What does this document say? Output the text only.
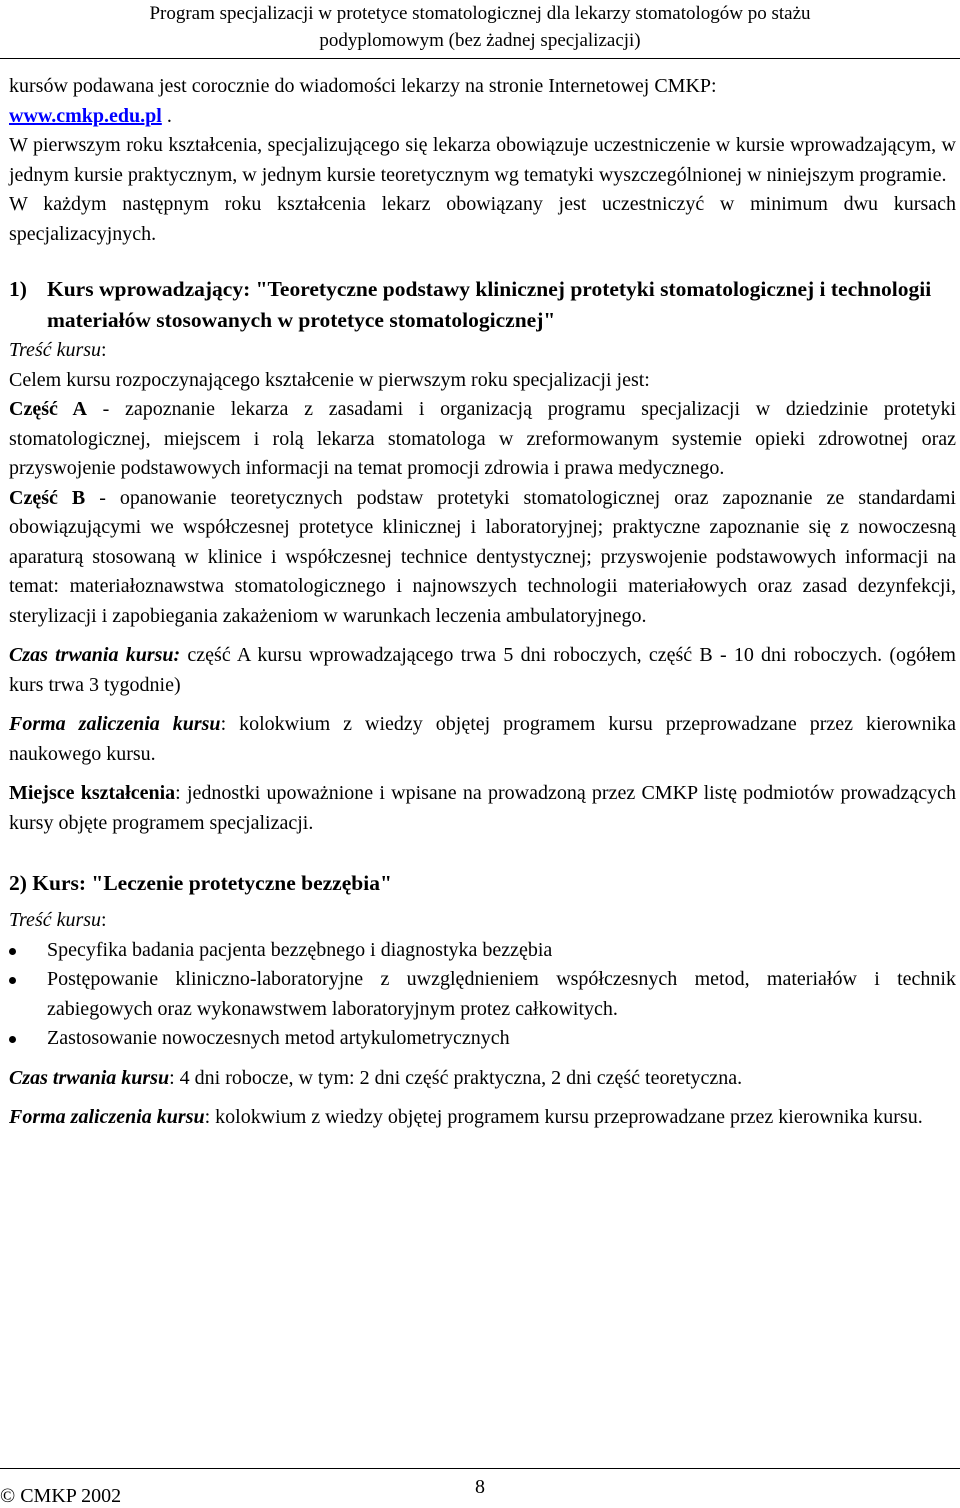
Program specjalizacji w protetyce stomatologicznej dla lekarzy stomatologów po stażu
podyplomowym (bez żadnej specjalizacji)

kursów podawana jest corocznie do wiadomości lekarzy na stronie Internetowej CMKP:
www.cmkp.edu.pl .

W pierwszym roku kształcenia, specjalizującego się lekarza obowiązuje uczestniczenie w kursie wprowadzającym, w jednym kursie praktycznym, w jednym kursie teoretycznym wg tematyki wyszczególnionej w niniejszym programie.

W każdym następnym roku kształcenia lekarz obowiązany jest uczestniczyć w minimum dwu kursach specjalizacyjnych.

1) Kurs wprowadzający: "Teoretyczne podstawy klinicznej protetyki stomatologicznej i technologii materiałów stosowanych w protetyce stomatologicznej"

Treść kursu:

Celem kursu rozpoczynającego kształcenie w pierwszym roku specjalizacji jest:

Część A - zapoznanie lekarza z zasadami i organizacją programu specjalizacji w dziedzinie protetyki stomatologicznej, miejscem i rolą lekarza stomatologa w zreformowanym systemie opieki zdrowotnej oraz przyswojenie podstawowych informacji na temat promocji zdrowia i prawa medycznego.

Część B - opanowanie teoretycznych podstaw protetyki stomatologicznej oraz zapoznanie ze standardami obowiązującymi we współczesnej protetyce klinicznej i laboratoryjnej; praktyczne zapoznanie się z nowoczesną aparaturą stosowaną w klinice i współczesnej technice dentystycznej; przyswojenie podstawowych informacji na temat: materiałoznawstwa stomatologicznego i najnowszych technologii materiałowych oraz zasad dezynfekcji, sterylizacji i zapobiegania zakażeniom w warunkach leczenia ambulatoryjnego.

Czas trwania kursu: część A kursu wprowadzającego trwa 5 dni roboczych, część B - 10 dni roboczych. (ogółem kurs trwa 3 tygodnie)

Forma zaliczenia kursu: kolokwium z wiedzy objętej programem kursu przeprowadzane przez kierownika naukowego kursu.

Miejsce kształcenia: jednostki upoważnione i wpisane na prowadzoną przez CMKP listę podmiotów prowadzących kursy objęte programem specjalizacji.

2) Kurs: "Leczenie protetyczne bezzębia"

Treść kursu:

Specyfika badania pacjenta bezzębnego i diagnostyka bezzębia
Postępowanie kliniczno-laboratoryjne z uwzględnieniem współczesnych metod, materiałów i technik zabiegowych oraz wykonawstwem laboratoryjnym protez całkowitych.
Zastosowanie nowoczesnych metod artykulometrycznych

Czas trwania kursu: 4 dni robocze, w tym: 2 dni część praktyczna, 2 dni część teoretyczna.

Forma zaliczenia kursu: kolokwium z wiedzy objętej programem kursu przeprowadzane przez kierownika kursu.

© CMKP 2002	8
